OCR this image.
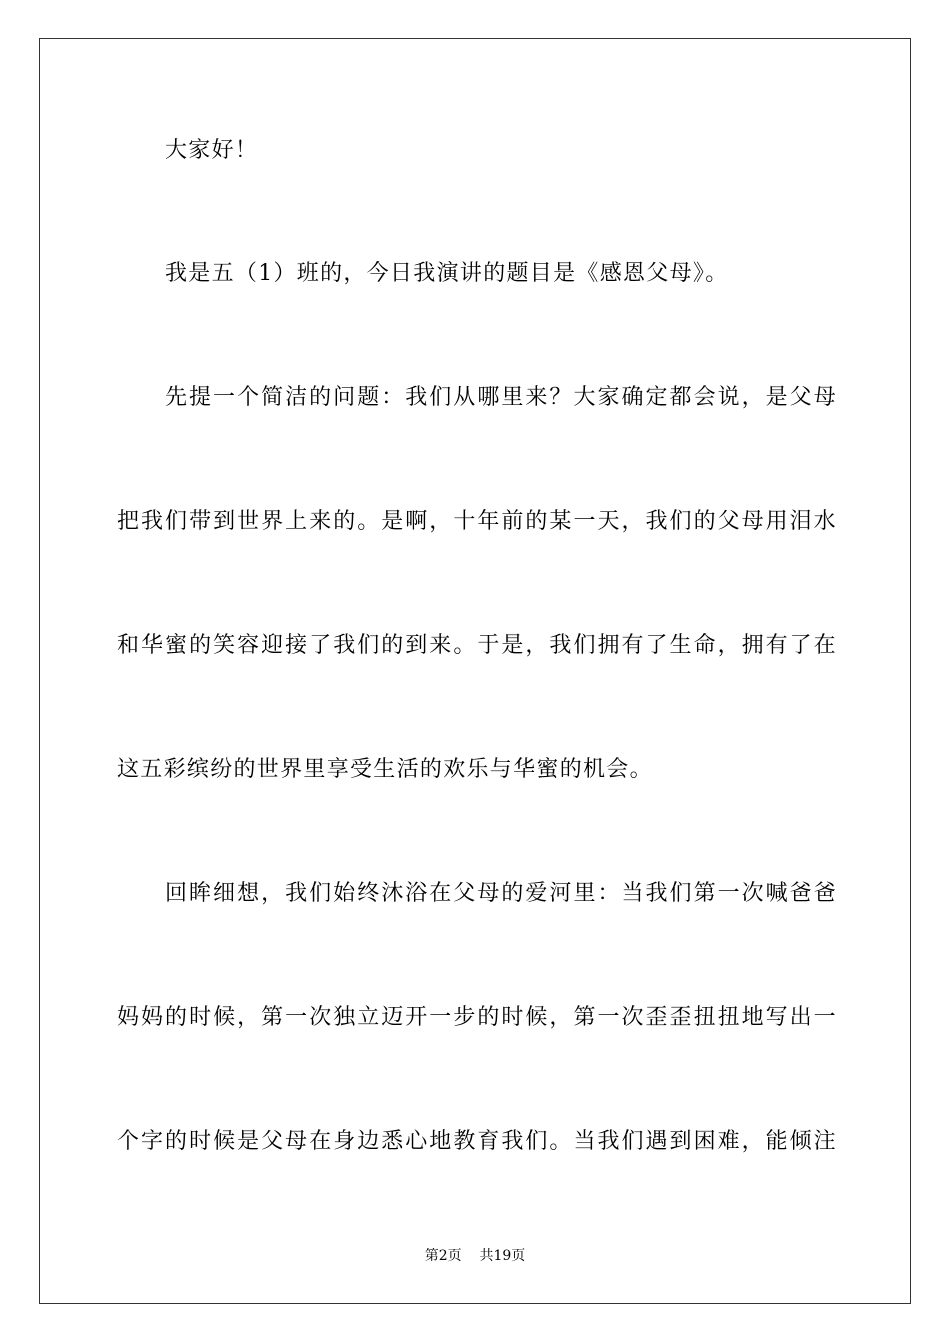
大家好！
我是五（1）班的，今日我演讲的题目是《感恩父母》。
先提一个简洁的问题：我们从哪里来？大家确定都会说，是父母
把我们带到世界上来的。是啊，十年前的某一天，我们的父母用泪水
和华蜜的笑容迎接了我们的到来。于是，我们拥有了生命，拥有了在
这五彩缤纷的世界里享受生活的欢乐与华蜜的机会。
回眸细想，我们始终沐浴在父母的爱河里：当我们第一次喊爸爸
妈妈的时候，第一次独立迈开一步的时候，第一次歪歪扭扭地写出一
个字的时候是父母在身边悉心地教育我们。当我们遇到困难，能倾注
第2页    共19页
